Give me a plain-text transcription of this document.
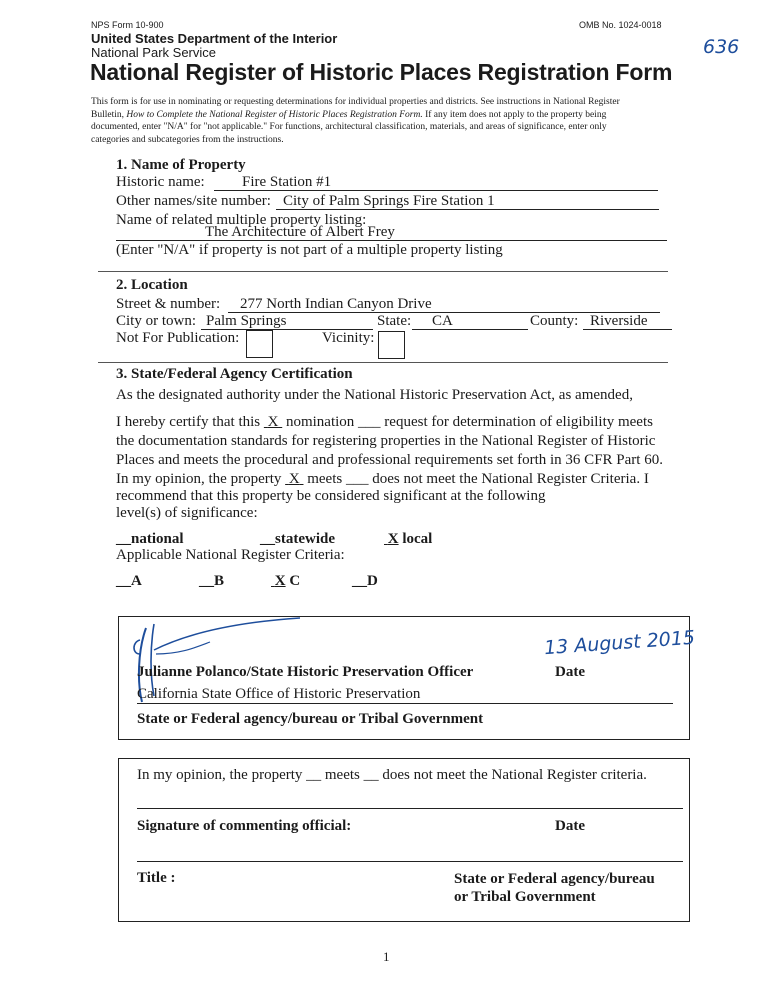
NPS Form 10-900	OMB No. 1024-0018
United States Department of the Interior
National Park Service
National Register of Historic Places Registration Form
636
This form is for use in nominating or requesting determinations for individual properties and districts. See instructions in National Register
Bulletin, How to Complete the National Register of Historic Places Registration Form. If any item does not apply to the property being
documented, enter "N/A" for "not applicable." For functions, architectural classification, materials, and areas of significance, enter only
categories and subcategories from the instructions.
1. Name of Property
Historic name: Fire Station #1
Other names/site number: City of Palm Springs Fire Station 1
Name of related multiple property listing:
The Architecture of Albert Frey
(Enter "N/A" if property is not part of a multiple property listing
2. Location
Street & number: 277 North Indian Canyon Drive
City or town: Palm Springs	State: CA	County: Riverside
Not For Publication:	Vicinity:
3. State/Federal Agency Certification
As the designated authority under the National Historic Preservation Act, as amended,
I hereby certify that this  X  nomination ___ request for determination of eligibility meets
the documentation standards for registering properties in the National Register of Historic
Places and meets the procedural and professional requirements set forth in 36 CFR Part 60.
In my opinion, the property  X  meets ___ does not meet the National Register Criteria. I
recommend that this property be considered significant at the following
level(s) of significance:
__national	__statewide	X local
Applicable National Register Criteria:
__A	__B	X C	__D
13 August 2015
Julianne Polanco/State Historic Preservation Officer	Date
California State Office of Historic Preservation
State or Federal agency/bureau or Tribal Government
In my opinion, the property __ meets __ does not meet the National Register criteria.
Signature of commenting official:	Date
Title :	State or Federal agency/bureau
or Tribal Government
1
